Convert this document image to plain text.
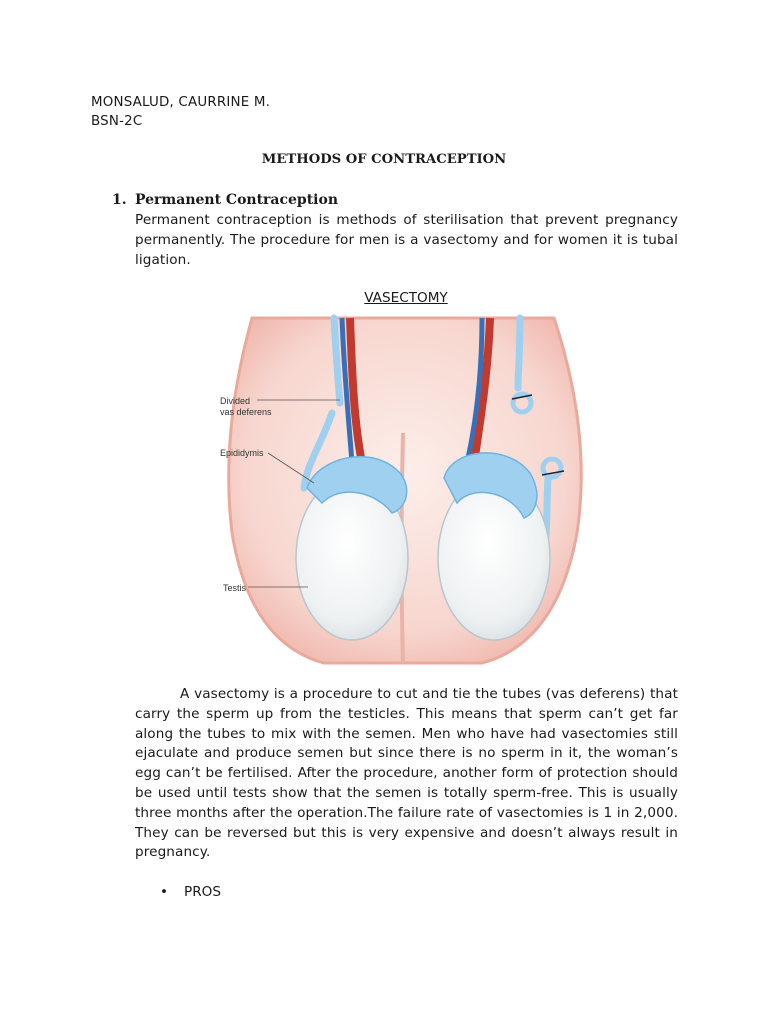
MONSALUD, CAURRINE M.
BSN-2C
METHODS OF CONTRACEPTION
1. Permanent Contraception
Permanent contraception is methods of sterilisation that prevent pregnancy permanently. The procedure for men is a vasectomy and for women it is tubal ligation.
VASECTOMY
Divided
vas deferens
Epididymis
Testis
A vasectomy is a procedure to cut and tie the tubes (vas deferens) that carry the sperm up from the testicles. This means that sperm can’t get far along the tubes to mix with the semen. Men who have had vasectomies still ejaculate and produce semen but since there is no sperm in it, the woman’s egg can’t be fertilised. After the procedure, another form of protection should be used until tests show that the semen is totally sperm-free. This is usually three months after the operation.The failure rate of vasectomies is 1 in 2,000. They can be reversed but this is very expensive and doesn’t always result in pregnancy.
• PROS
